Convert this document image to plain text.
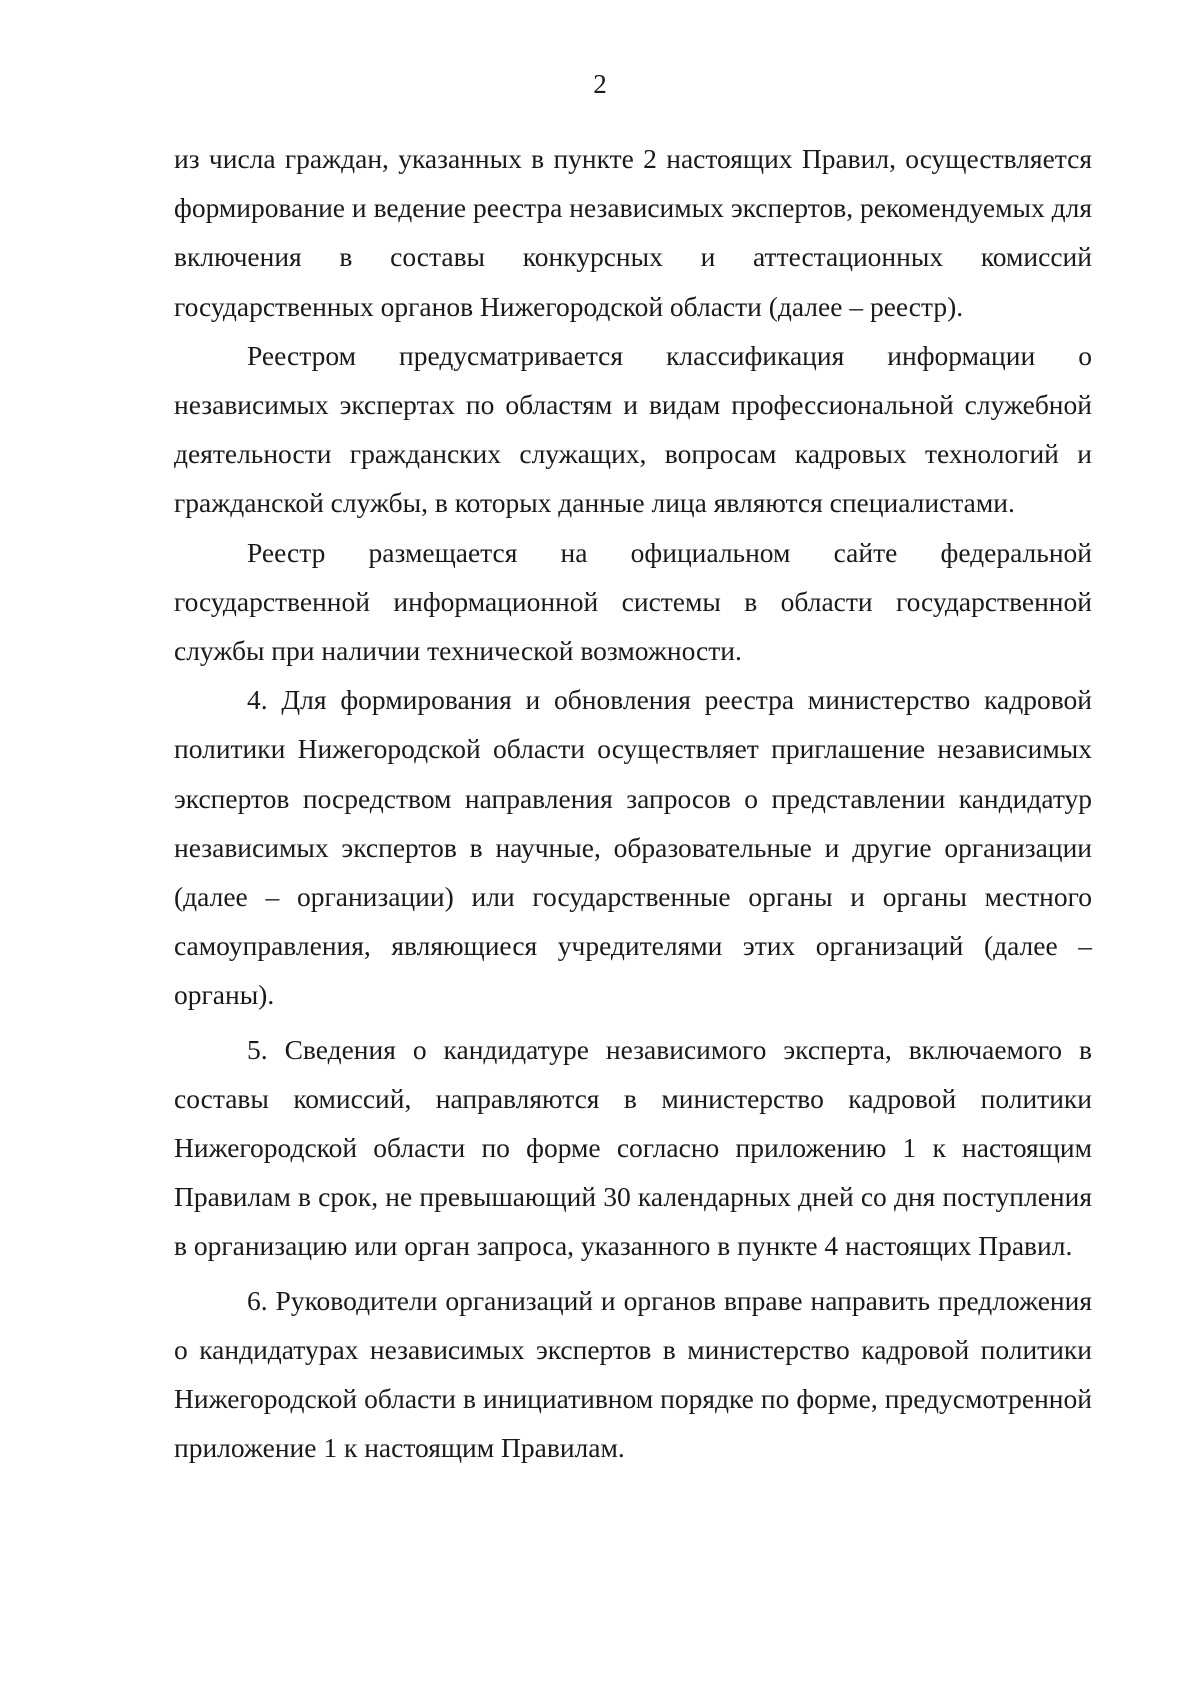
2

из числа граждан, указанных в пункте 2 настоящих Правил, осуществляется формирование и ведение реестра независимых экспертов, рекомендуемых для включения в составы конкурсных и аттестационных комиссий государственных органов Нижегородской области (далее – реестр).

Реестром предусматривается классификация информации о независимых экспертах по областям и видам профессиональной служебной деятельности гражданских служащих, вопросам кадровых технологий и гражданской службы, в которых данные лица являются специалистами.

Реестр размещается на официальном сайте федеральной государственной информационной системы в области государственной службы при наличии технической возможности.

4. Для формирования и обновления реестра министерство кадровой политики Нижегородской области осуществляет приглашение независимых экспертов посредством направления запросов о представлении кандидатур независимых экспертов в научные, образовательные и другие организации (далее – организации) или государственные органы и органы местного самоуправления, являющиеся учредителями этих организаций (далее – органы).

5. Сведения о кандидатуре независимого эксперта, включаемого в составы комиссий, направляются в министерство кадровой политики Нижегородской области по форме согласно приложению 1 к настоящим Правилам в срок, не превышающий 30 календарных дней со дня поступления в организацию или орган запроса, указанного в пункте 4 настоящих Правил.

6. Руководители организаций и органов вправе направить предложения о кандидатурах независимых экспертов в министерство кадровой политики Нижегородской области в инициативном порядке по форме, предусмотренной приложение 1 к настоящим Правилам.
